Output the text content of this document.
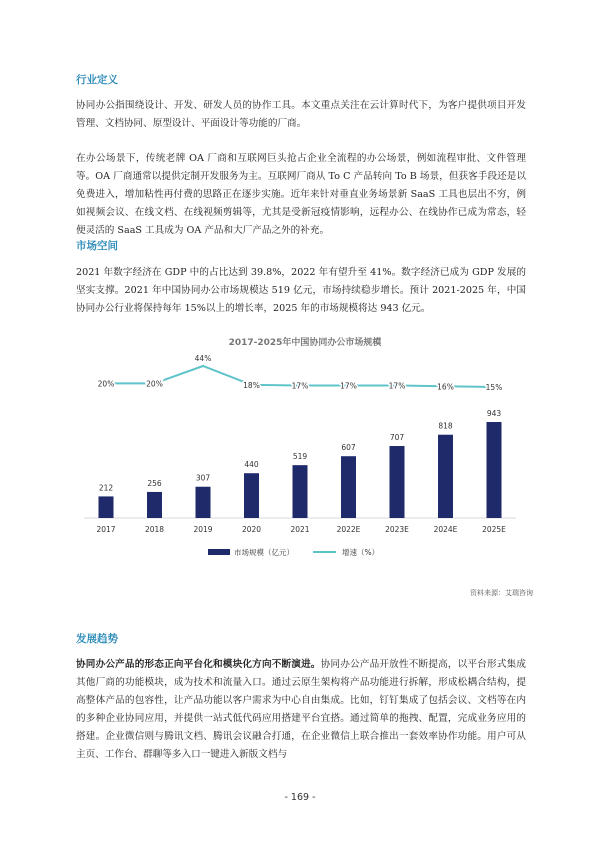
行业定义
协同办公指围绕设计、开发、研发人员的协作工具。本文重点关注在云计算时代下，为客户提供项目开发管理、文档协同、原型设计、平面设计等功能的厂商。
在办公场景下，传统老牌 OA 厂商和互联网巨头抢占企业全流程的办公场景，例如流程审批、文件管理等。OA 厂商通常以提供定制开发服务为主。互联网厂商从 To C 产品转向 To B 场景，但获客手段还是以免费进入，增加粘性再付费的思路正在逐步实施。近年来针对垂直业务场景新 SaaS 工具也层出不穷，例如视频会议、在线文档、在线视频剪辑等，尤其是受新冠疫情影响，远程办公、在线协作已成为常态，轻便灵活的 SaaS 工具成为 OA 产品和大厂产品之外的补充。
市场空间
2021 年数字经济在 GDP 中的占比达到 39.8%，2022 年有望升至 41%。数字经济已成为 GDP 发展的坚实支撑。2021 年中国协同办公市场规模达 519 亿元，市场持续稳步增长。预计 2021-2025 年，中国协同办公行业将保持每年 15%以上的增长率，2025 年的市场规模将达 943 亿元。
2017-2025年中国协同办公市场规模
212	256
307
440
519
607
707
818
943
20%	20%
44%
18%	17%	17%	17%	16%	15%
2017	2018	2019	2020	2021	2022E	2023E	2024E	2025E
市场规模（亿元）	增速（%）
资料来源：艾瑞咨询
发展趋势
协同办公产品的形态正向平台化和模块化方向不断演进。协同办公产品开放性不断提高，以平台形式集成其他厂商的功能模块，成为技术和流量入口。通过云原生架构将产品功能进行拆解，形成松耦合结构，提高整体产品的包容性，让产品功能以客户需求为中心自由集成。比如，钉钉集成了包括会议、文档等在内的多种企业协同应用，并提供一站式低代码应用搭建平台宜搭。通过简单的拖拽、配置，完成业务应用的搭建。企业微信则与腾讯文档、腾讯会议融合打通，在企业微信上联合推出一套效率协作功能。用户可从主页、工作台、群聊等多入口一键进入新版文档与
- 169 -
